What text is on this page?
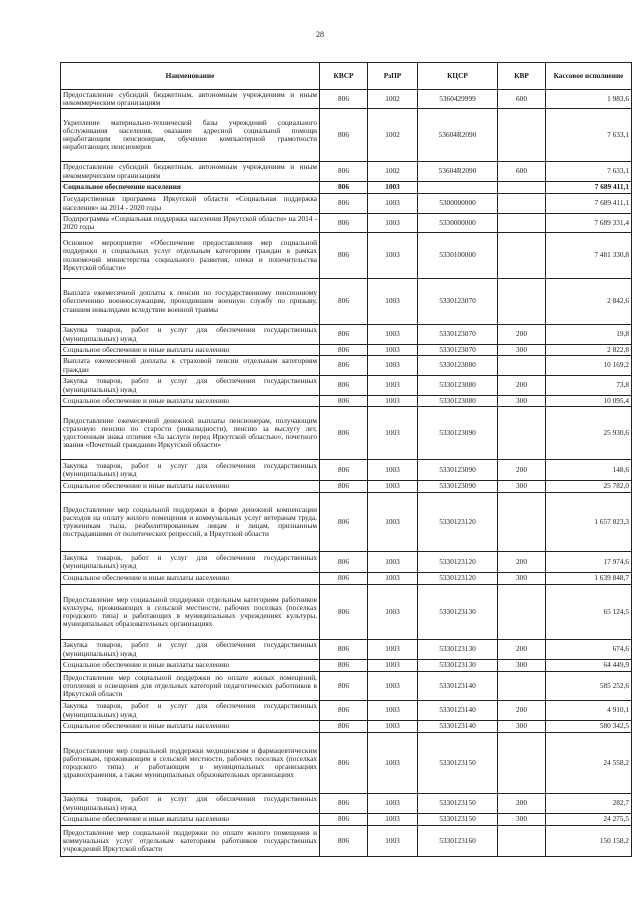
28
Наименование	КВСР	РзПР	КЦСР	КВР	Кассовое исполнение
Предоставление субсидий бюджетным, автономным учреждениям и иным некоммерческим организациям	806	1002	5360429999	600	1 983,6
Укрепление материально-технической базы учреждений социального обслуживания населения, оказание адресной социальной помощи неработающим пенсионерам, обучение компьютерной грамотности неработающих пенсионеров	806	1002	53604R2090		7 633,1
Предоставление субсидий бюджетным, автономным учреждениям и иным некоммерческим организациям	806	1002	53604R2090	600	7 633,1
Социальное обеспечение населения	806	1003			7 689 411,1
Государственная программа Иркутской области «Социальная поддержка населения» на 2014 - 2020 годы	806	1003	5300000000		7 689 411,1
Подпрограмма «Социальная поддержка населения Иркутской области» на 2014 - 2020 годы	806	1003	5330000000		7 689 331,4
Основное мероприятие «Обеспечение предоставления мер социальной поддержки и социальных услуг отдельным категориям граждан в рамках полномочий министерства социального развития, опеки и попечительства Иркутской области»	806	1003	5330100000		7 481 330,8
Выплата ежемесячной доплаты к пенсии по государственному пенсионному обеспечению военнослужащим, проходившим военную службу по призыву, ставшим инвалидами вследствие военной травмы	806	1003	5330123070		2 842,6
Закупка товаров, работ и услуг для обеспечения государственных (муниципальных) нужд	806	1003	5330123070	200	19,8
Социальное обеспечение и иные выплаты населению	806	1003	5330123070	300	2 822,8
Выплата ежемесячной доплаты к страховой пенсии отдельным категориям граждан	806	1003	5330123080		10 169,2
Закупка товаров, работ и услуг для обеспечения государственных (муниципальных) нужд	806	1003	5330123080	200	73,8
Социальное обеспечение и иные выплаты населению	806	1003	5330123080	300	10 095,4
Предоставление ежемесячной денежной выплаты пенсионерам, получающим страховую пенсию по старости (инвалидности), пенсию за выслугу лет, удостоенным знака отличия «За заслуги перед Иркутской областью», почетного звания «Почетный гражданин Иркутской области»	806	1003	5330123090		25 930,6
Закупка товаров, работ и услуг для обеспечения государственных (муниципальных) нужд	806	1003	5330123090	200	148,6
Социальное обеспечение и иные выплаты населению	806	1003	5330123090	300	25 782,0
Предоставление мер социальной поддержки в форме денежной компенсации расходов на оплату жилого помещения и коммунальных услуг ветеранам труда, труженикам тыла, реабилитированным лицам и лицам, признанным пострадавшими от политических репрессий, в Иркутской области	806	1003	5330123120		1 657 823,3
Закупка товаров, работ и услуг для обеспечения государственных (муниципальных) нужд	806	1003	5330123120	200	17 974,6
Социальное обеспечение и иные выплаты населению	806	1003	5330123120	300	1 639 848,7
Предоставление мер социальной поддержки отдельным категориям работников культуры, проживающих в сельской местности, рабочих поселках (поселках городского типа) и работающих в муниципальных учреждениях культуры, муниципальных образовательных организациях	806	1003	5330123130		65 124,5
Закупка товаров, работ и услуг для обеспечения государственных (муниципальных) нужд	806	1003	5330123130	200	674,6
Социальное обеспечение и иные выплаты населению	806	1003	5330123130	300	64 449,9
Предоставление мер социальной поддержки по оплате жилых помещений, отопления и освещения для отдельных категорий педагогических работников в Иркутской области	806	1003	5330123140		585 252,6
Закупка товаров, работ и услуг для обеспечения государственных (муниципальных) нужд	806	1003	5330123140	200	4 910,1
Социальное обеспечение и иные выплаты населению	806	1003	5330123140	300	580 342,5
Предоставление мер социальной поддержки медицинским и фармацевтическим работникам, проживающим в сельской местности, рабочих поселках (поселках городского типа) и работающим в муниципальных организациях здравоохранения, а также муниципальных образовательных организациях	806	1003	5330123150		24 558,2
Закупка товаров, работ и услуг для обеспечения государственных (муниципальных) нужд	806	1003	5330123150	200	282,7
Социальное обеспечение и иные выплаты населению	806	1003	5330123150	300	24 275,5
Предоставление мер социальной поддержки по оплате жилого помещения и коммунальных услуг отдельным категориям работников государственных учреждений Иркутской области	806	1003	5330123160		150 158,2
